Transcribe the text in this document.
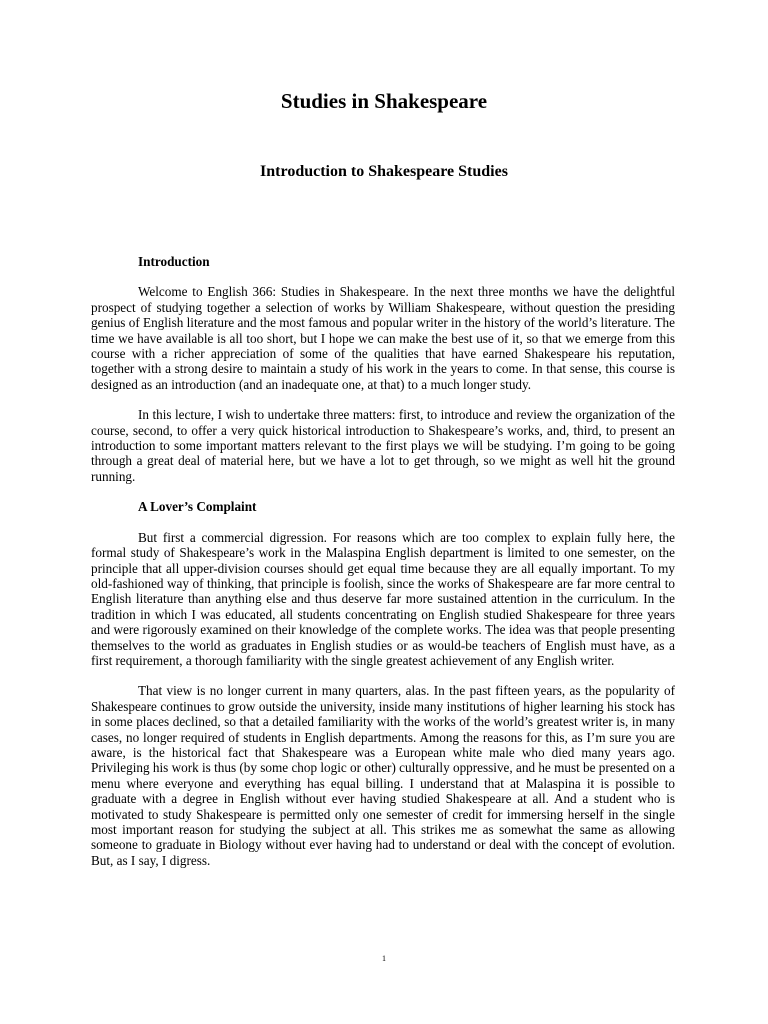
Studies in Shakespeare
Introduction to Shakespeare Studies
Introduction

Welcome to English 366: Studies in Shakespeare. In the next three months we have the delightful prospect of studying together a selection of works by William Shakespeare, without question the presiding genius of English literature and the most famous and popular writer in the history of the world’s literature. The time we have available is all too short, but I hope we can make the best use of it, so that we emerge from this course with a richer appreciation of some of the qualities that have earned Shakespeare his reputation, together with a strong desire to maintain a study of his work in the years to come. In that sense, this course is designed as an introduction (and an inadequate one, at that) to a much longer study.

In this lecture, I wish to undertake three matters: first, to introduce and review the organization of the course, second, to offer a very quick historical introduction to Shakespeare’s works, and, third, to present an introduction to some important matters relevant to the first plays we will be studying. I’m going to be going through a great deal of material here, but we have a lot to get through, so we might as well hit the ground running.

A Lover’s Complaint

But first a commercial digression. For reasons which are too complex to explain fully here, the formal study of Shakespeare’s work in the Malaspina English department is limited to one semester, on the principle that all upper-division courses should get equal time because they are all equally important. To my old-fashioned way of thinking, that principle is foolish, since the works of Shakespeare are far more central to English literature than anything else and thus deserve far more sustained attention in the curriculum. In the tradition in which I was educated, all students concentrating on English studied Shakespeare for three years and were rigorously examined on their knowledge of the complete works. The idea was that people presenting themselves to the world as graduates in English studies or as would-be teachers of English must have, as a first requirement, a thorough familiarity with the single greatest achievement of any English writer.

That view is no longer current in many quarters, alas. In the past fifteen years, as the popularity of Shakespeare continues to grow outside the university, inside many institutions of higher learning his stock has in some places declined, so that a detailed familiarity with the works of the world’s greatest writer is, in many cases, no longer required of students in English departments. Among the reasons for this, as I’m sure you are aware, is the historical fact that Shakespeare was a European white male who died many years ago. Privileging his work is thus (by some chop logic or other) culturally oppressive, and he must be presented on a menu where everyone and everything has equal billing. I understand that at Malaspina it is possible to graduate with a degree in English without ever having studied Shakespeare at all. And a student who is motivated to study Shakespeare is permitted only one semester of credit for immersing herself in the single most important reason for studying the subject at all. This strikes me as somewhat the same as allowing someone to graduate in Biology without ever having had to understand or deal with the concept of evolution. But, as I say, I digress.

1
